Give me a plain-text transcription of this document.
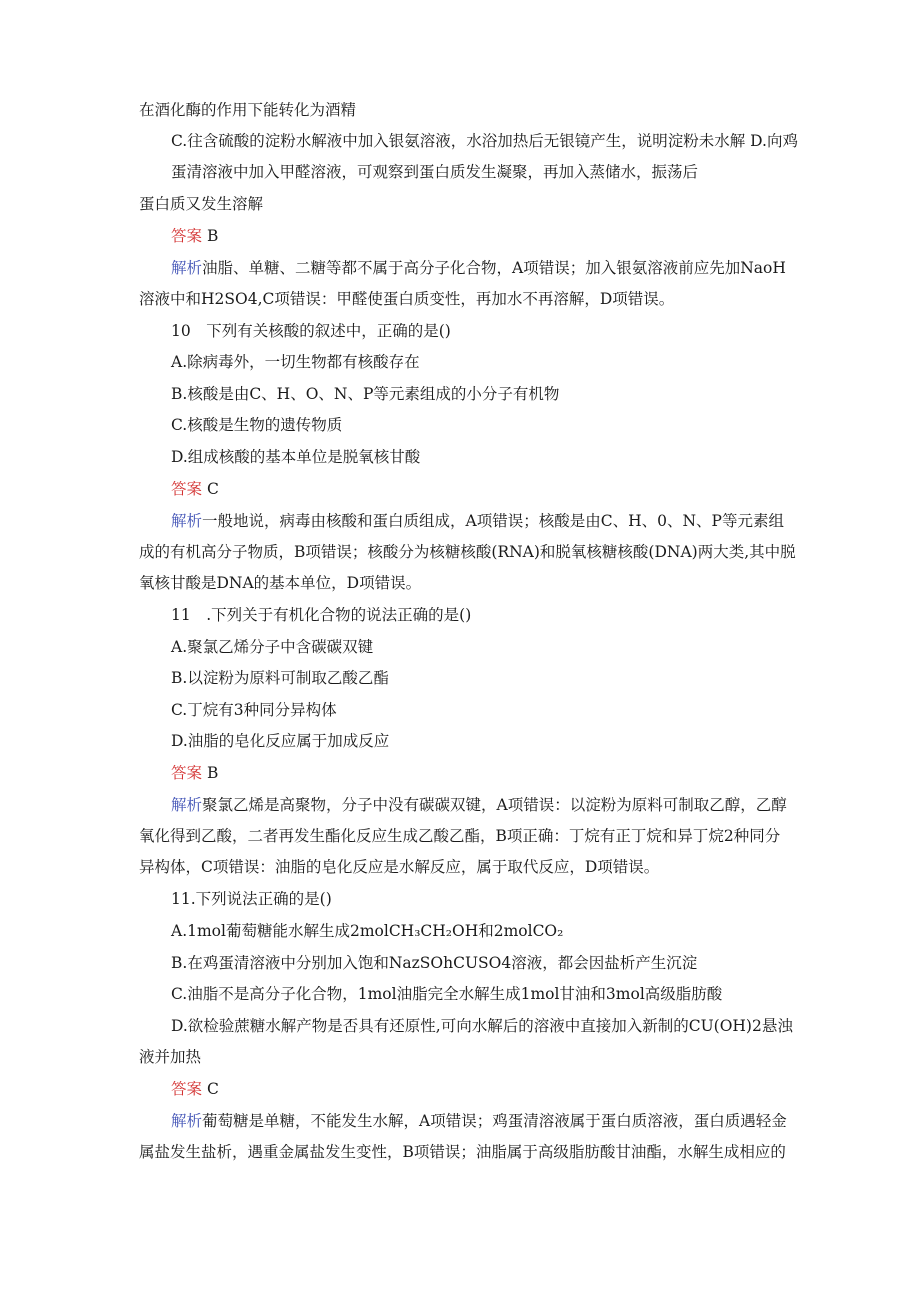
在酒化酶的作用下能转化为酒精
C.往含硫酸的淀粉水解液中加入银氨溶液，水浴加热后无银镜产生，说明淀粉未水解 D.向鸡
蛋清溶液中加入甲醛溶液，可观察到蛋白质发生凝聚，再加入蒸储水，振荡后
蛋白质又发生溶解
答案 B
解析油脂、单糖、二糖等都不属于高分子化合物，A项错误；加入银氨溶液前应先加NaoH
溶液中和H2SO4,C项错误：甲醛使蛋白质变性，再加水不再溶解，D项错误。
10　下列有关核酸的叙述中，正确的是()
A.除病毒外，一切生物都有核酸存在
B.核酸是由C、H、O、N、P等元素组成的小分子有机物
C.核酸是生物的遗传物质
D.组成核酸的基本单位是脱氧核甘酸
答案 C
解析一般地说，病毒由核酸和蛋白质组成，A项错误；核酸是由C、H、0、N、P等元素组
成的有机高分子物质，B项错误；核酸分为核糖核酸(RNA)和脱氧核糖核酸(DNA)两大类,其中脱
氧核甘酸是DNA的基本单位，D项错误。
11　.下列关于有机化合物的说法正确的是()
A.聚氯乙烯分子中含碳碳双键
B.以淀粉为原料可制取乙酸乙酯
C.丁烷有3种同分异构体
D.油脂的皂化反应属于加成反应
答案 B
解析聚氯乙烯是高聚物，分子中没有碳碳双键，A项错误：以淀粉为原料可制取乙醇，乙醇
氧化得到乙酸，二者再发生酯化反应生成乙酸乙酯，B项正确：丁烷有正丁烷和异丁烷2种同分
异构体，C项错误：油脂的皂化反应是水解反应，属于取代反应，D项错误。
11.下列说法正确的是()
A.1mol葡萄糖能水解生成2molCH₃CH₂OH和2molCO₂
B.在鸡蛋清溶液中分别加入饱和NazSOhCUSO4溶液，都会因盐析产生沉淀
C.油脂不是高分子化合物，1mol油脂完全水解生成1mol甘油和3mol高级脂肪酸
D.欲检验蔗糖水解产物是否具有还原性,可向水解后的溶液中直接加入新制的CU(OH)2悬浊
液并加热
答案 C
解析葡萄糖是单糖，不能发生水解，A项错误；鸡蛋清溶液属于蛋白质溶液，蛋白质遇轻金
属盐发生盐析，遇重金属盐发生变性，B项错误；油脂属于高级脂肪酸甘油酯，水解生成相应的
